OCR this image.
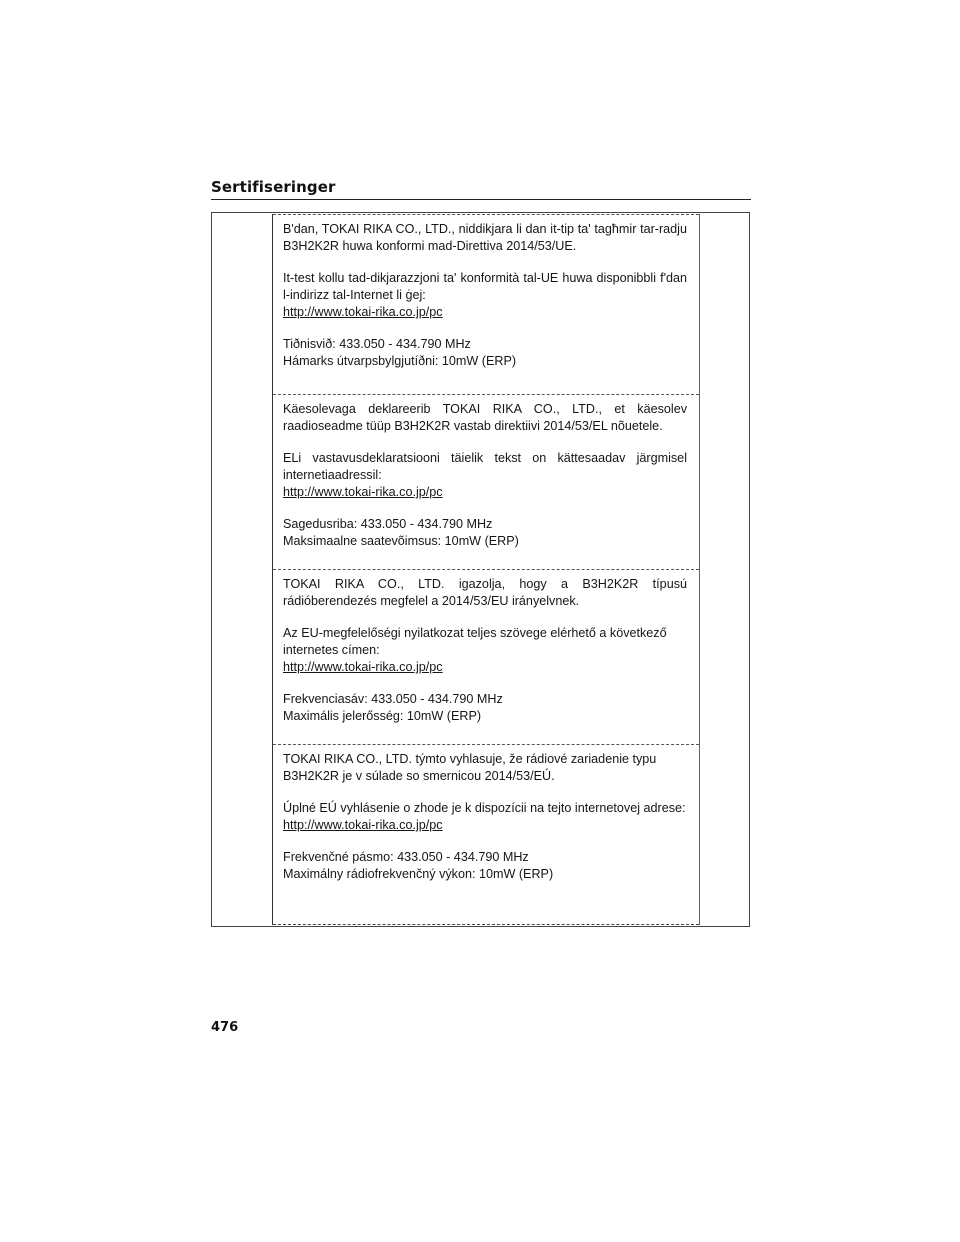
Sertifiseringer

B'dan, TOKAI RIKA CO., LTD., niddikjara li dan it-tip ta' tagħmir tar-radju B3H2K2R huwa konformi mad-Direttiva 2014/53/UE.

It-test kollu tad-dikjarazzjoni ta' konformità tal-UE huwa disponibbli f'dan l-indirizz tal-Internet li ġej:

http://www.tokai-rika.co.jp/pc

Tiðnisvið: 433.050 - 434.790 MHz

Hámarks útvarpsbylgjutíðni: 10mW (ERP)

Käesolevaga deklareerib TOKAI RIKA CO., LTD., et käesolev raadioseadme tüüp B3H2K2R vastab direktiivi 2014/53/EL nõuetele.

ELi vastavusdeklaratsiooni täielik tekst on kättesaadav järgmisel internetiaadressil:

http://www.tokai-rika.co.jp/pc

Sagedusriba: 433.050 - 434.790 MHz

Maksimaalne saatevõimsus: 10mW (ERP)

TOKAI RIKA CO., LTD. igazolja, hogy a B3H2K2R típusú rádióberendezés megfelel a 2014/53/EU irányelvnek.

Az EU-megfelelőségi nyilatkozat teljes szövege elérhető a következő internetes címen:

http://www.tokai-rika.co.jp/pc

Frekvenciasáv: 433.050 - 434.790 MHz

Maximális jelerősség: 10mW (ERP)

TOKAI RIKA CO., LTD. týmto vyhlasuje, že rádiové zariadenie typu B3H2K2R je v súlade so smernicou 2014/53/EÚ.

Úplné EÚ vyhlásenie o zhode je k dispozícii na tejto internetovej adrese:

http://www.tokai-rika.co.jp/pc

Frekvenčné pásmo: 433.050 - 434.790 MHz

Maximálny rádiofrekvenčný výkon: 10mW (ERP)

476
